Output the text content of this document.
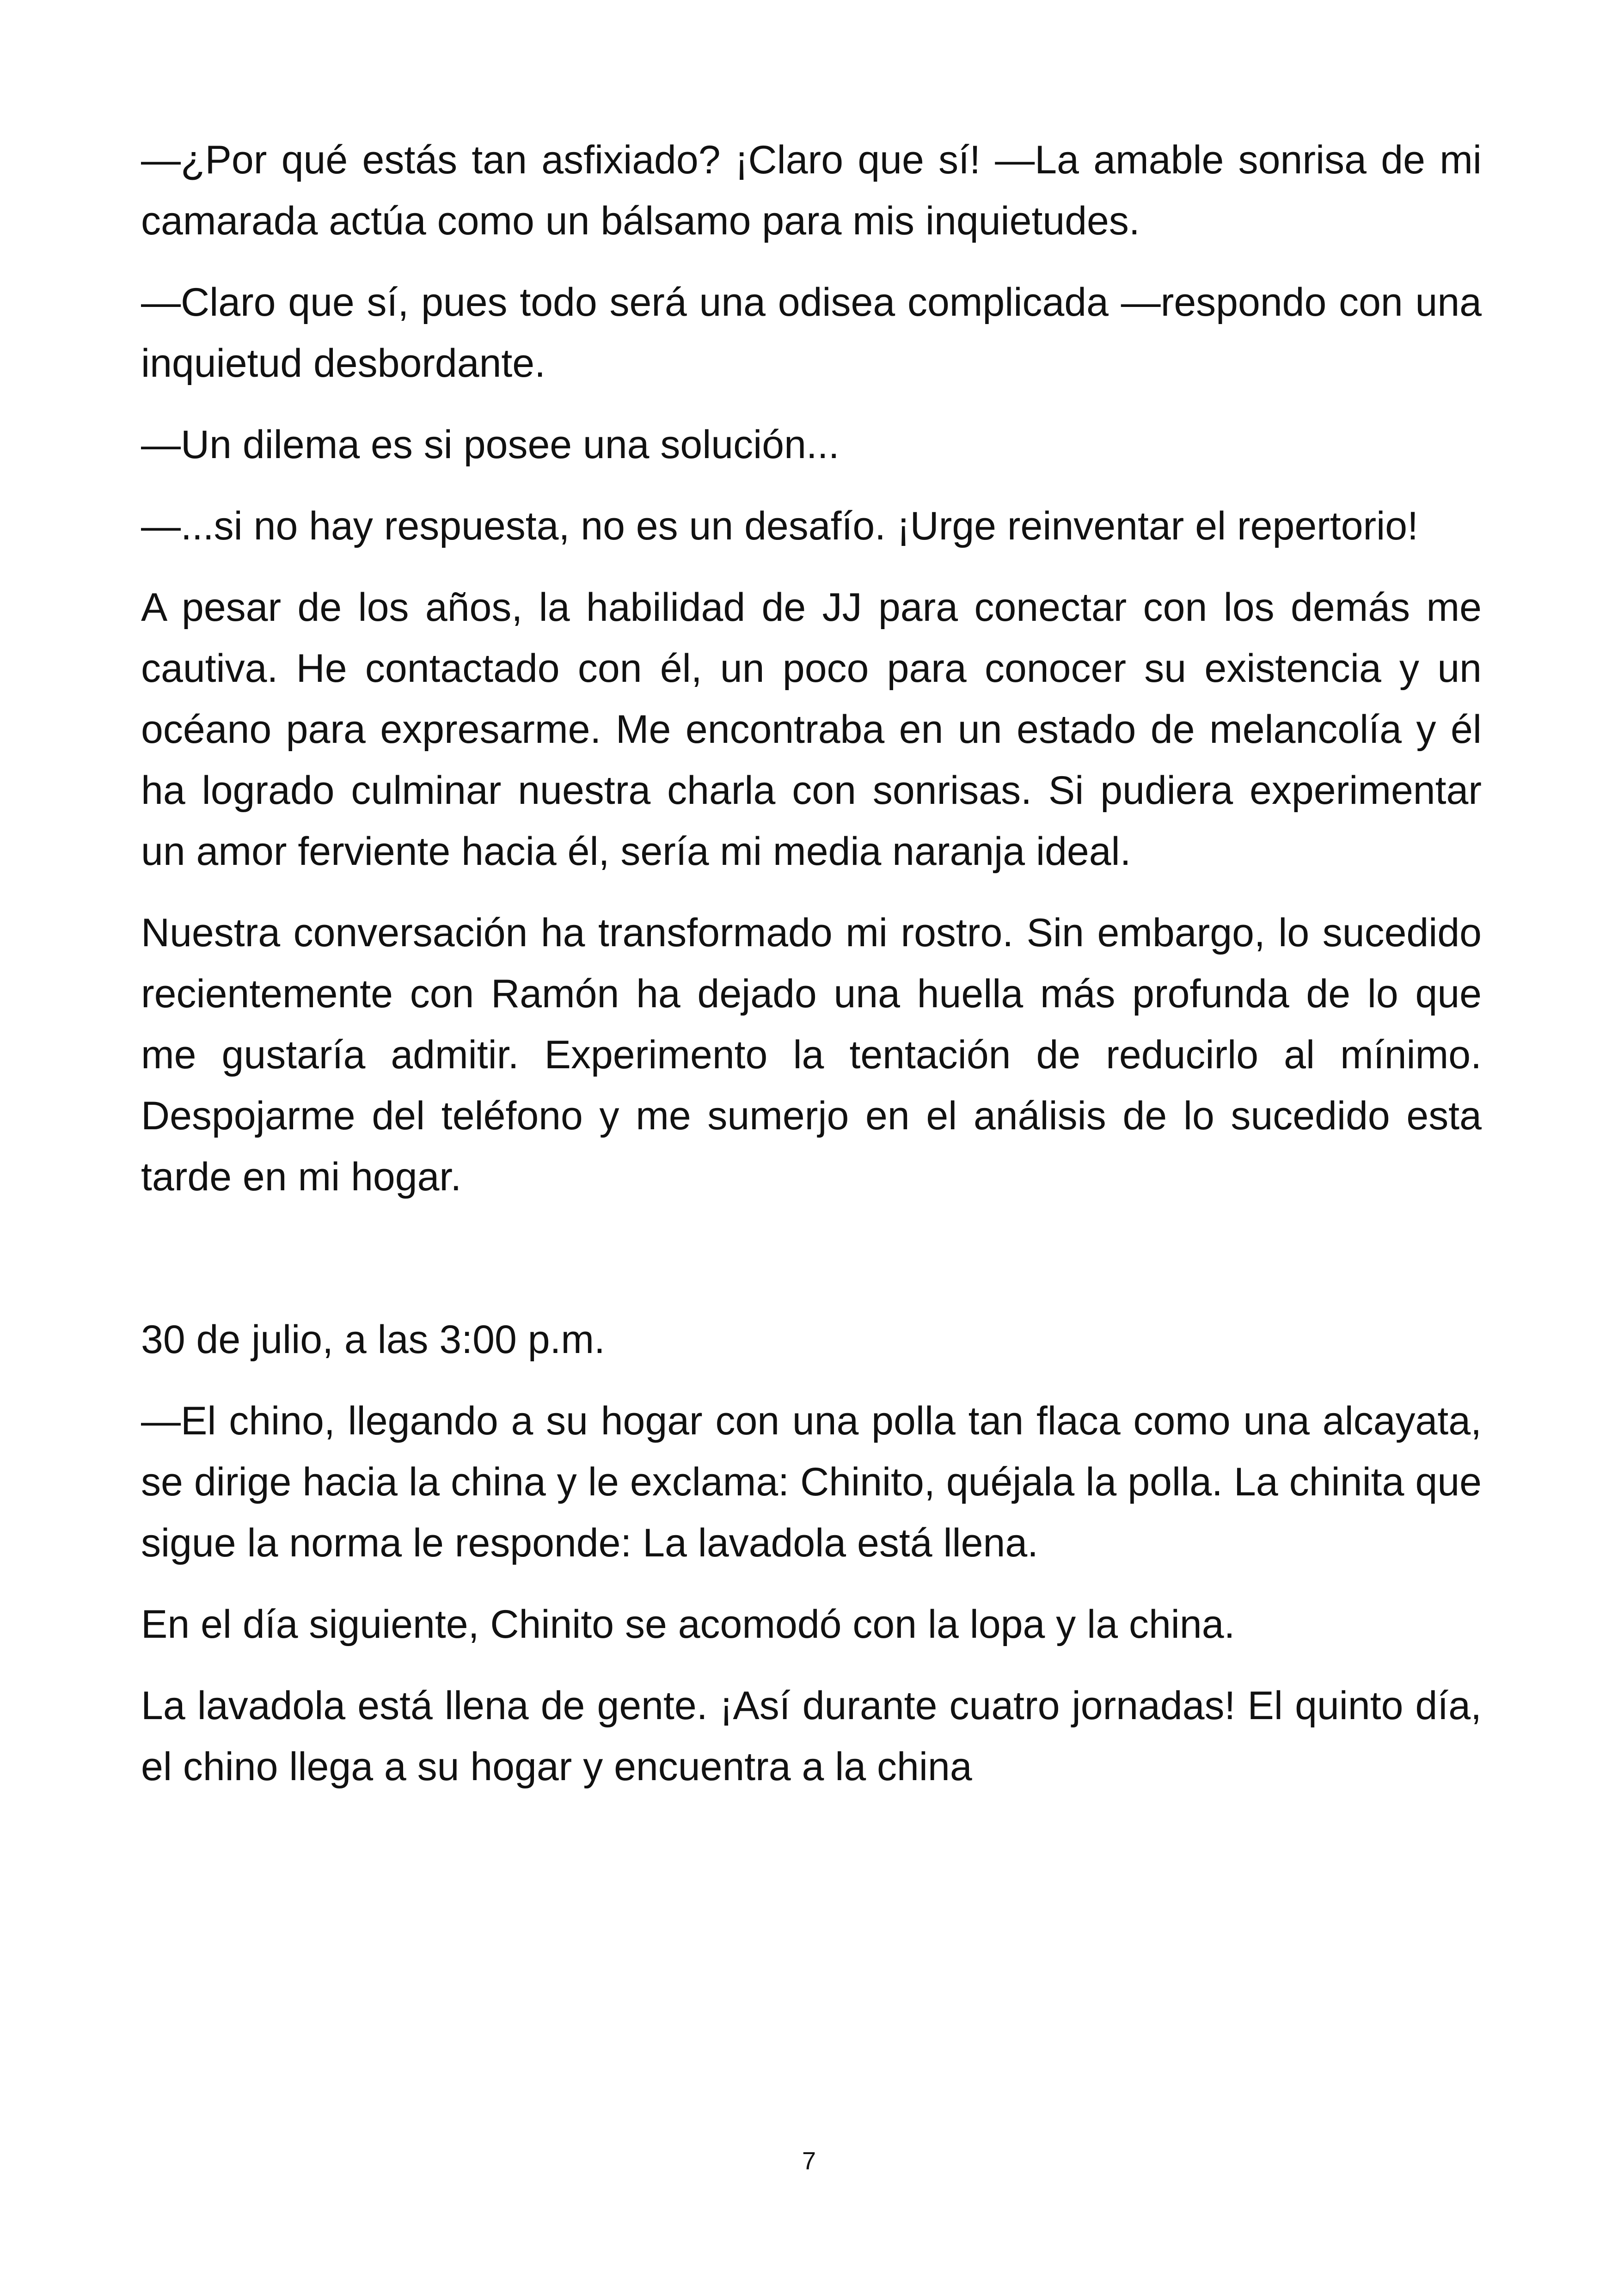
—¿Por qué estás tan asfixiado? ¡Claro que sí! —La amable sonrisa de mi camarada actúa como un bálsamo para mis inquietudes.

—Claro que sí, pues todo será una odisea complicada —respondo con una inquietud desbordante.

—Un dilema es si posee una solución...

—...si no hay respuesta, no es un desafío. ¡Urge reinventar el repertorio!

A pesar de los años, la habilidad de JJ para conectar con los demás me cautiva. He contactado con él, un poco para conocer su existencia y un océano para expresarme. Me encontraba en un estado de melancolía y él ha logrado culminar nuestra charla con sonrisas. Si pudiera experimentar un amor ferviente hacia él, sería mi media naranja ideal.

Nuestra conversación ha transformado mi rostro. Sin embargo, lo sucedido recientemente con Ramón ha dejado una huella más profunda de lo que me gustaría admitir. Experimento la tentación de reducirlo al mínimo. Despojarme del teléfono y me sumerjo en el análisis de lo sucedido esta tarde en mi hogar.

30 de julio, a las 3:00 p.m.

—El chino, llegando a su hogar con una polla tan flaca como una alcayata, se dirige hacia la china y le exclama: Chinito, quéjala la polla. La chinita que sigue la norma le responde: La lavadola está llena.

En el día siguiente, Chinito se acomodó con la lopa y la china.

La lavadola está llena de gente. ¡Así durante cuatro jornadas! El quinto día, el chino llega a su hogar y encuentra a la china

7
